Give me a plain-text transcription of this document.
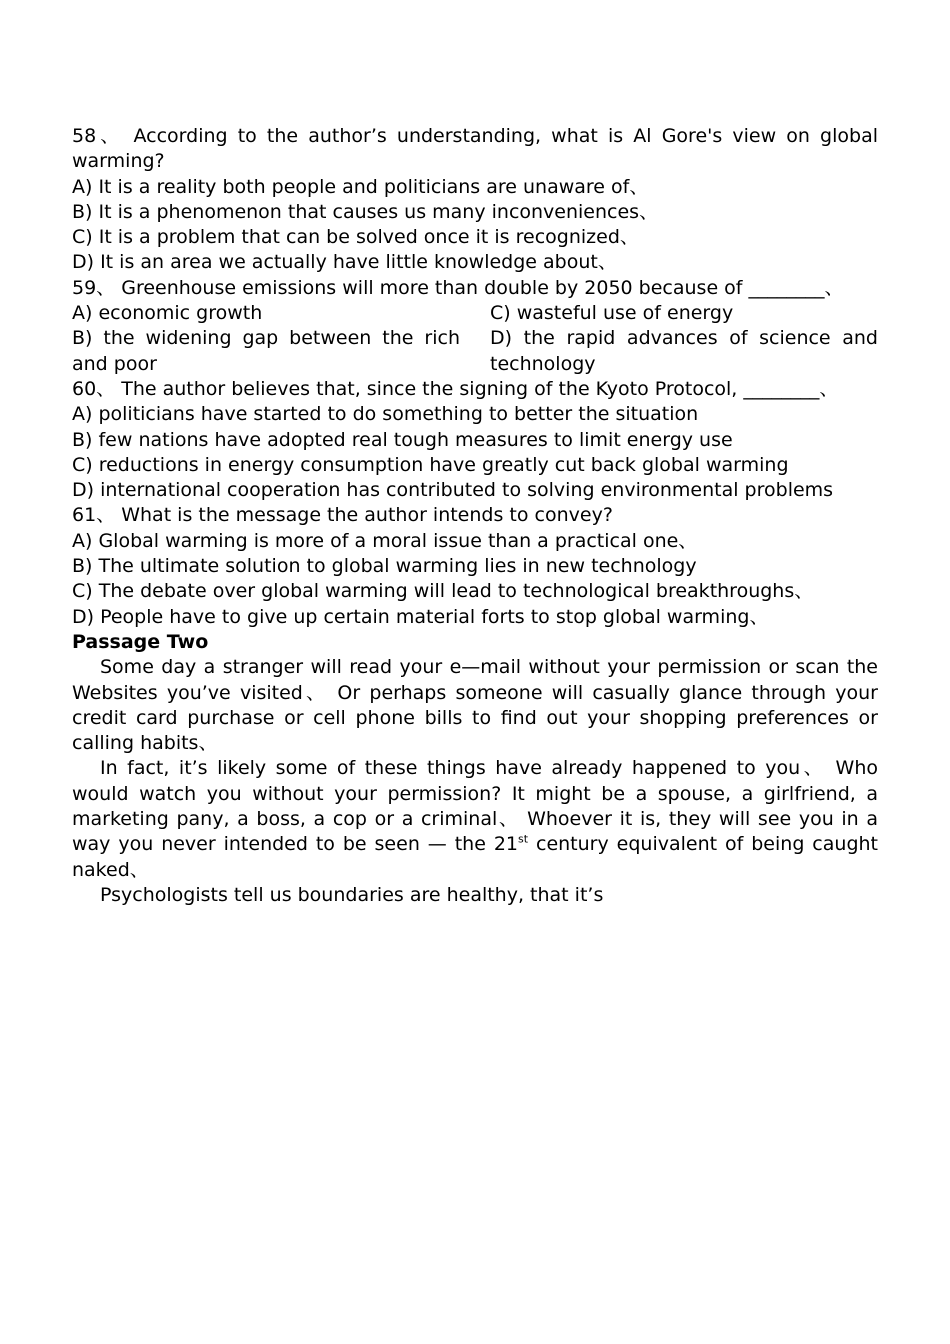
58、 According to the author’s understanding, what is Al Gore's view on global warming?

A) It is a reality both people and politicians are unaware of、

B) It is a phenomenon that causes us many inconveniences、

C) It is a problem that can be solved once it is recognized、

D) It is an area we actually have little knowledge about、

59、 Greenhouse emissions will more than double by 2050 because of ________、

A) economic growth	C) wasteful use of energy
B) the widening gap between the rich and poor
D) the rapid advances of science and technology

60、 The author believes that, since the signing of the Kyoto Protocol, ________、

A) politicians have started to do something to better the situation

B) few nations have adopted real tough measures to limit energy use

C) reductions in energy consumption have greatly cut back global warming

D) international cooperation has contributed to solving environmental problems

61、 What is the message the author intends to convey?

A) Global warming is more of a moral issue than a practical one、

B) The ultimate solution to global warming lies in new technology

C) The debate over global warming will lead to technological breakthroughs、

D) People have to give up certain material forts to stop global warming、

Passage Two

Some day a stranger will read your e—mail without your permission or scan the Websites you’ve visited、 Or perhaps someone will casually glance through your credit card purchase or cell phone bills to find out your shopping preferences or calling habits、

In fact, it’s likely some of these things have already happened to you、 Who would watch you without your permission? It might be a spouse, a girlfriend, a marketing pany, a boss, a cop or a criminal、 Whoever it is, they will see you in a way you never intended to be seen — the 21st century equivalent of being caught naked、

Psychologists tell us boundaries are healthy, that it’s
